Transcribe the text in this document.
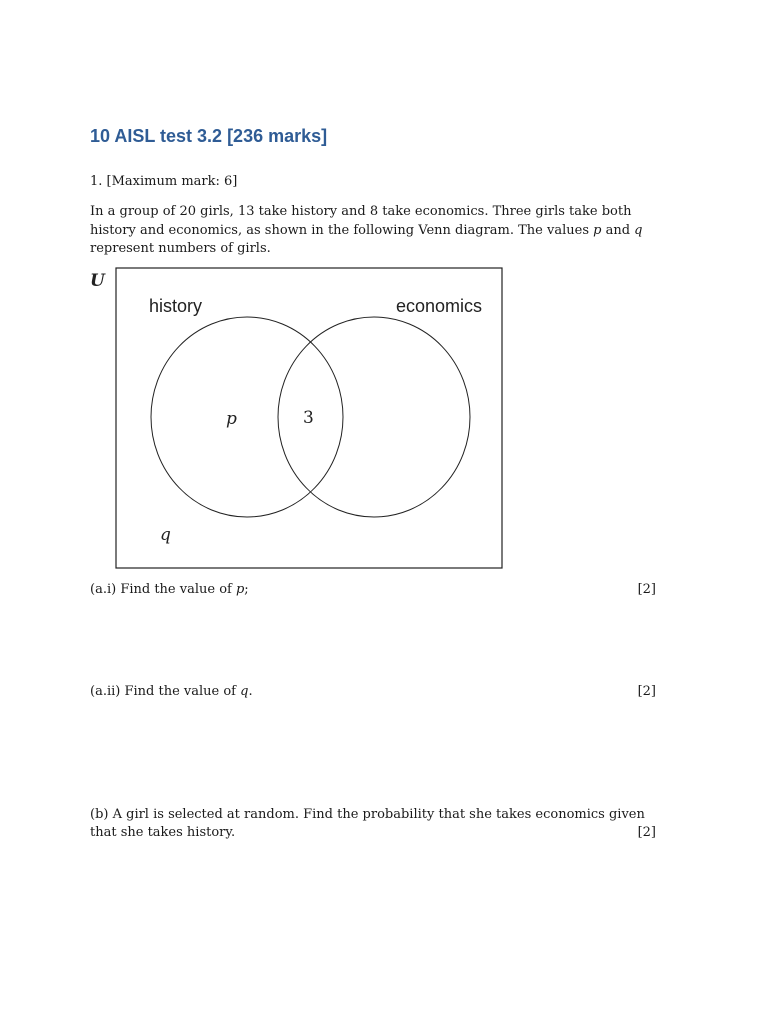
10 AISL test 3.2 [236 marks]

1. [Maximum mark: 6]

In a group of 20 girls, 13 take history and 8 take economics. Three girls take both history and economics, as shown in the following Venn diagram. The values p and q represent numbers of girls.

U
history	economics
p	3
q
(a.i) Find the value of p;	[2]
(a.ii) Find the value of q.	[2]
(b) A girl is selected at random. Find the probability that she takes economics given that she takes history.	[2]
